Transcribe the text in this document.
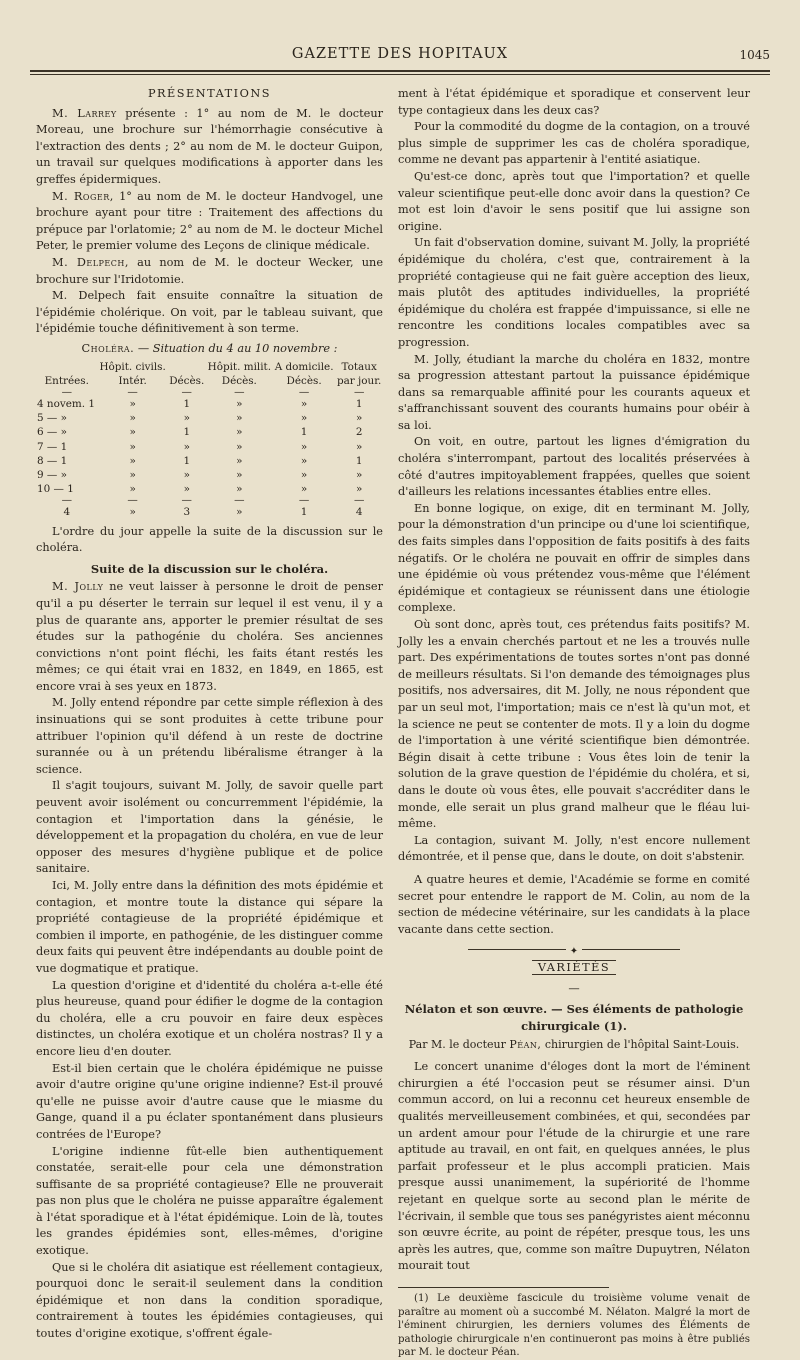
GAZETTE DES HOPITAUX	1045
PRÉSENTATIONS

M. Larrey présente : 1° au nom de M. le docteur Moreau, une brochure sur l'hémorrhagie consécutive à l'extraction des dents ; 2° au nom de M. le docteur Guipon, un travail sur quelques modifications à apporter dans les greffes épidermiques.

M. Roger, 1° au nom de M. le docteur Handvogel, une brochure ayant pour titre : Traitement des affections du prépuce par l'orlatomie; 2° au nom de M. le docteur Michel Peter, le premier volume des Leçons de clinique médicale.

M. Delpech, au nom de M. le docteur Wecker, une brochure sur l'Iridotomie.

M. Delpech fait ensuite connaître la situation de l'épidémie cholérique. On voit, par le tableau suivant, que l'épidémie touche définitivement à son terme.

Choléra. — Situation du 4 au 10 novembre :
	Hôpit. civils.		Hôpit. milit.	A domicile.	Totaux
Entrées.	Intér.	Décès.	Décès.	Décès.	par jour.
—	—	—	—	—	—
4 novem. 1	»	1	»	»	1
5 — »	»	»	»	»	»
6 — »	»	1	»	1	2
7 — 1	»	»	»	»	»
8 — 1	»	1	»	»	1
9 — »	»	»	»	»	»
10 — 1	»	»	»	»	»
—	—	—	—	—	—
4	»	3	»	1	4

L'ordre du jour appelle la suite de la discussion sur le choléra.

Suite de la discussion sur le choléra.

M. Jolly ne veut laisser à personne le droit de penser qu'il a pu déserter le terrain sur lequel il est venu, il y a plus de quarante ans, apporter le premier résultat de ses études sur la pathogénie du choléra. Ses anciennes convictions n'ont point fléchi, les faits étant restés les mêmes; ce qui était vrai en 1832, en 1849, en 1865, est encore vrai à ses yeux en 1873.

M. Jolly entend répondre par cette simple réflexion à des insinuations qui se sont produites à cette tribune pour attribuer l'opinion qu'il défend à un reste de doctrine surannée ou à un prétendu libéralisme étranger à la science.

Il s'agit toujours, suivant M. Jolly, de savoir quelle part peuvent avoir isolément ou concurremment l'épidémie, la contagion et l'importation dans la génésie, le développement et la propagation du choléra, en vue de leur opposer des mesures d'hygiène publique et de police sanitaire.

Ici, M. Jolly entre dans la définition des mots épidémie et contagion, et montre toute la distance qui sépare la propriété contagieuse de la propriété épidémique et combien il importe, en pathogénie, de les distinguer comme deux faits qui peuvent être indépendants au double point de vue dogmatique et pratique.

La question d'origine et d'identité du choléra a-t-elle été plus heureuse, quand pour édifier le dogme de la contagion du choléra, elle a cru pouvoir en faire deux espèces distinctes, un choléra exotique et un choléra nostras? Il y a encore lieu d'en douter.

Est-il bien certain que le choléra épidémique ne puisse avoir d'autre origine qu'une origine indienne? Est-il prouvé qu'elle ne puisse avoir d'autre cause que le miasme du Gange, quand il a pu éclater spontanément dans plusieurs contrées de l'Europe?

L'origine indienne fût-elle bien authentiquement constatée, serait-elle pour cela une démonstration suffisante de sa propriété contagieuse? Elle ne prouverait pas non plus que le choléra ne puisse apparaître également à l'état sporadique et à l'état épidémique. Loin de là, toutes les grandes épidémies sont, elles-mêmes, d'origine exotique.

Que si le choléra dit asiatique est réellement contagieux, pourquoi donc le serait-il seulement dans la condition épidémique et non dans la condition sporadique, contrairement à toutes les épidémies contagieuses, qui toutes d'origine exotique, s'offrent égale-

ment à l'état épidémique et sporadique et conservent leur type contagieux dans les deux cas?

Pour la commodité du dogme de la contagion, on a trouvé plus simple de supprimer les cas de choléra sporadique, comme ne devant pas appartenir à l'entité asiatique.

Qu'est-ce donc, après tout que l'importation? et quelle valeur scientifique peut-elle donc avoir dans la question? Ce mot est loin d'avoir le sens positif que lui assigne son origine.

Un fait d'observation domine, suivant M. Jolly, la propriété épidémique du choléra, c'est que, contrairement à la propriété contagieuse qui ne fait guère acception des lieux, mais plutôt des aptitudes individuelles, la propriété épidémique du choléra est frappée d'impuissance, si elle ne rencontre les conditions locales compatibles avec sa progression.

M. Jolly, étudiant la marche du choléra en 1832, montre sa progression attestant partout la puissance épidémique dans sa remarquable affinité pour les courants aqueux et s'affranchissant souvent des courants humains pour obéir à sa loi.

On voit, en outre, partout les lignes d'émigration du choléra s'interrompant, partout des localités préservées à côté d'autres impitoyablement frappées, quelles que soient d'ailleurs les relations incessantes établies entre elles.

En bonne logique, on exige, dit en terminant M. Jolly, pour la démonstration d'un principe ou d'une loi scientifique, des faits simples dans l'opposition de faits positifs à des faits négatifs. Or le choléra ne pouvait en offrir de simples dans une épidémie où vous prétendez vous-même que l'élément épidémique et contagieux se réunissent dans une étiologie complexe.

Où sont donc, après tout, ces prétendus faits positifs? M. Jolly les a envain cherchés partout et ne les a trouvés nulle part. Des expérimentations de toutes sortes n'ont pas donné de meilleurs résultats. Si l'on demande des témoignages plus positifs, nos adversaires, dit M. Jolly, ne nous répondent que par un seul mot, l'importation; mais ce n'est là qu'un mot, et la science ne peut se contenter de mots. Il y a loin du dogme de l'importation à une vérité scientifique bien démontrée. Bégin disait à cette tribune : Vous êtes loin de tenir la solution de la grave question de l'épidémie du choléra, et si, dans le doute où vous êtes, elle pouvait s'accréditer dans le monde, elle serait un plus grand malheur que le fléau lui-même.

La contagion, suivant M. Jolly, n'est encore nullement démontrée, et il pense que, dans le doute, on doit s'abstenir.

A quatre heures et demie, l'Académie se forme en comité secret pour entendre le rapport de M. Colin, au nom de la section de médecine vétérinaire, sur les candidats à la place vacante dans cette section.

✦
VARIÉTÉS
—
Nélaton et son œuvre. — Ses éléments de pathologie chirurgicale (1).
Par M. le docteur Péan, chirurgien de l'hôpital Saint-Louis.

Le concert unanime d'éloges dont la mort de l'éminent chirurgien a été l'occasion peut se résumer ainsi. D'un commun accord, on lui a reconnu cet heureux ensemble de qualités merveilleusement combinées, et qui, secondées par un ardent amour pour l'étude de la chirurgie et une rare aptitude au travail, en ont fait, en quelques années, le plus parfait professeur et le plus accompli praticien. Mais presque aussi unanimement, la supériorité de l'homme rejetant en quelque sorte au second plan le mérite de l'écrivain, il semble que tous ses panégyristes aient méconnu son œuvre écrite, au point de répéter, presque tous, les uns après les autres, que, comme son maître Dupuytren, Nélaton mourait tout

(1) Le deuxième fascicule du troisième volume venait de paraître au moment où a succombé M. Nélaton. Malgré la mort de l'éminent chirurgien, les derniers volumes des Éléments de pathologie chirurgicale n'en continueront pas moins à être publiés par M. le docteur Péan.
